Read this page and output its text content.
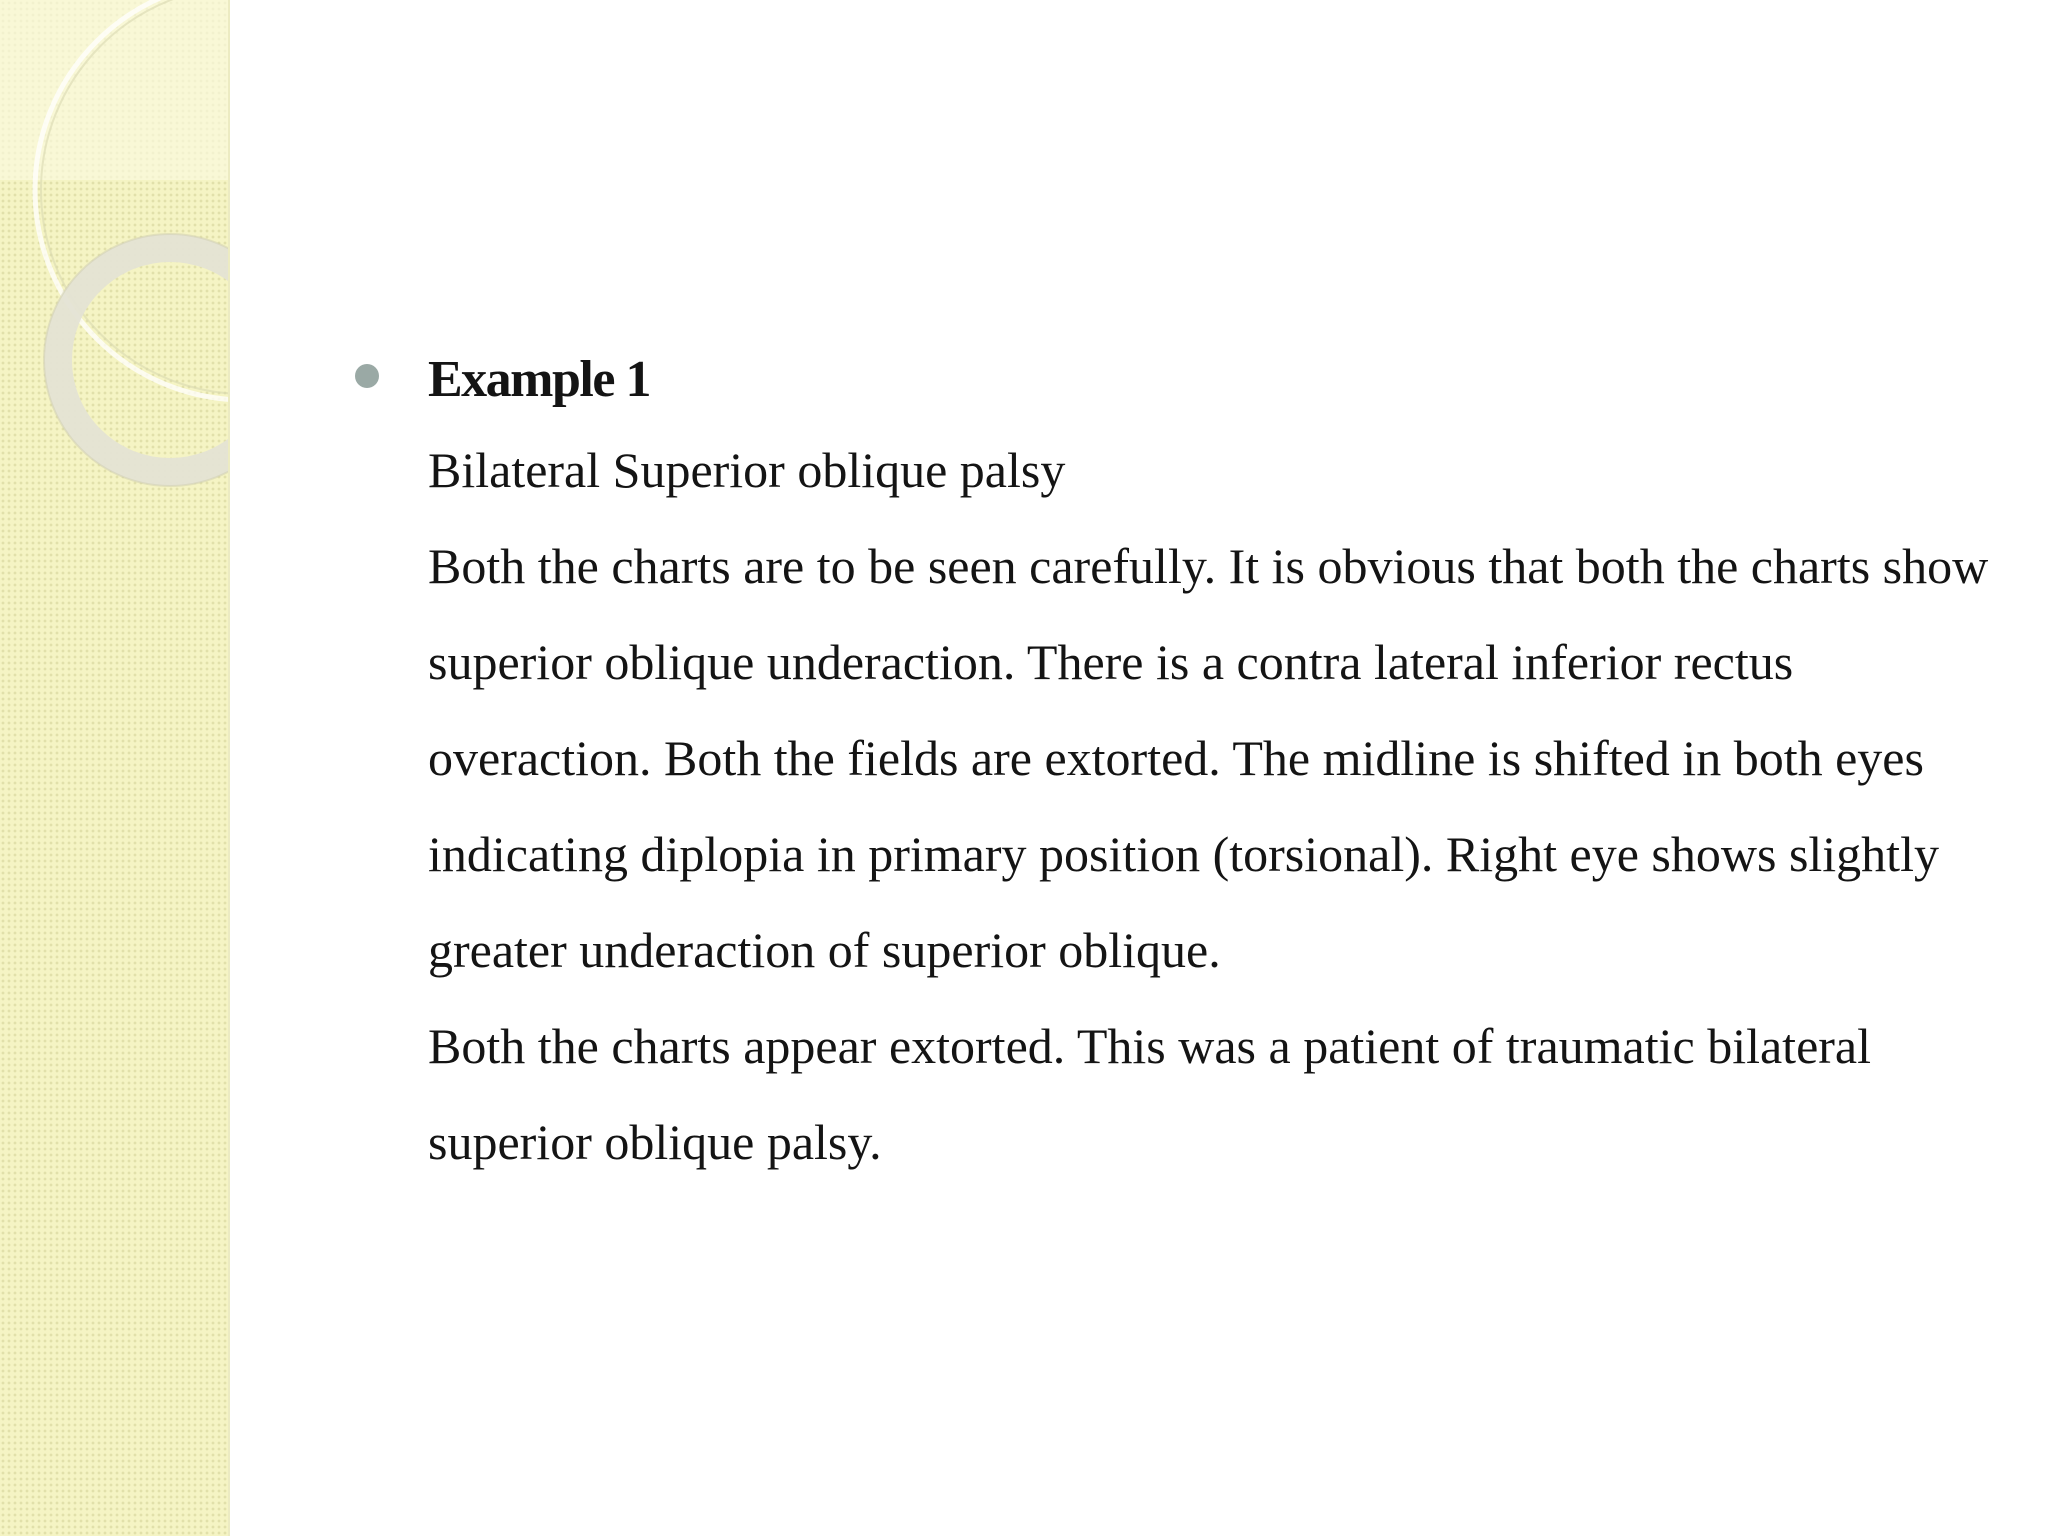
Example 1

Bilateral Superior oblique palsy

Both the charts are to be seen carefully. It is obvious that both the charts show superior oblique underaction. There is a contra lateral inferior rectus overaction. Both the fields are extorted. The midline is shifted in both eyes indicating diplopia in primary position (torsional). Right eye shows slightly greater underaction of superior oblique.

Both the charts appear extorted. This was a patient of traumatic bilateral superior oblique palsy.
